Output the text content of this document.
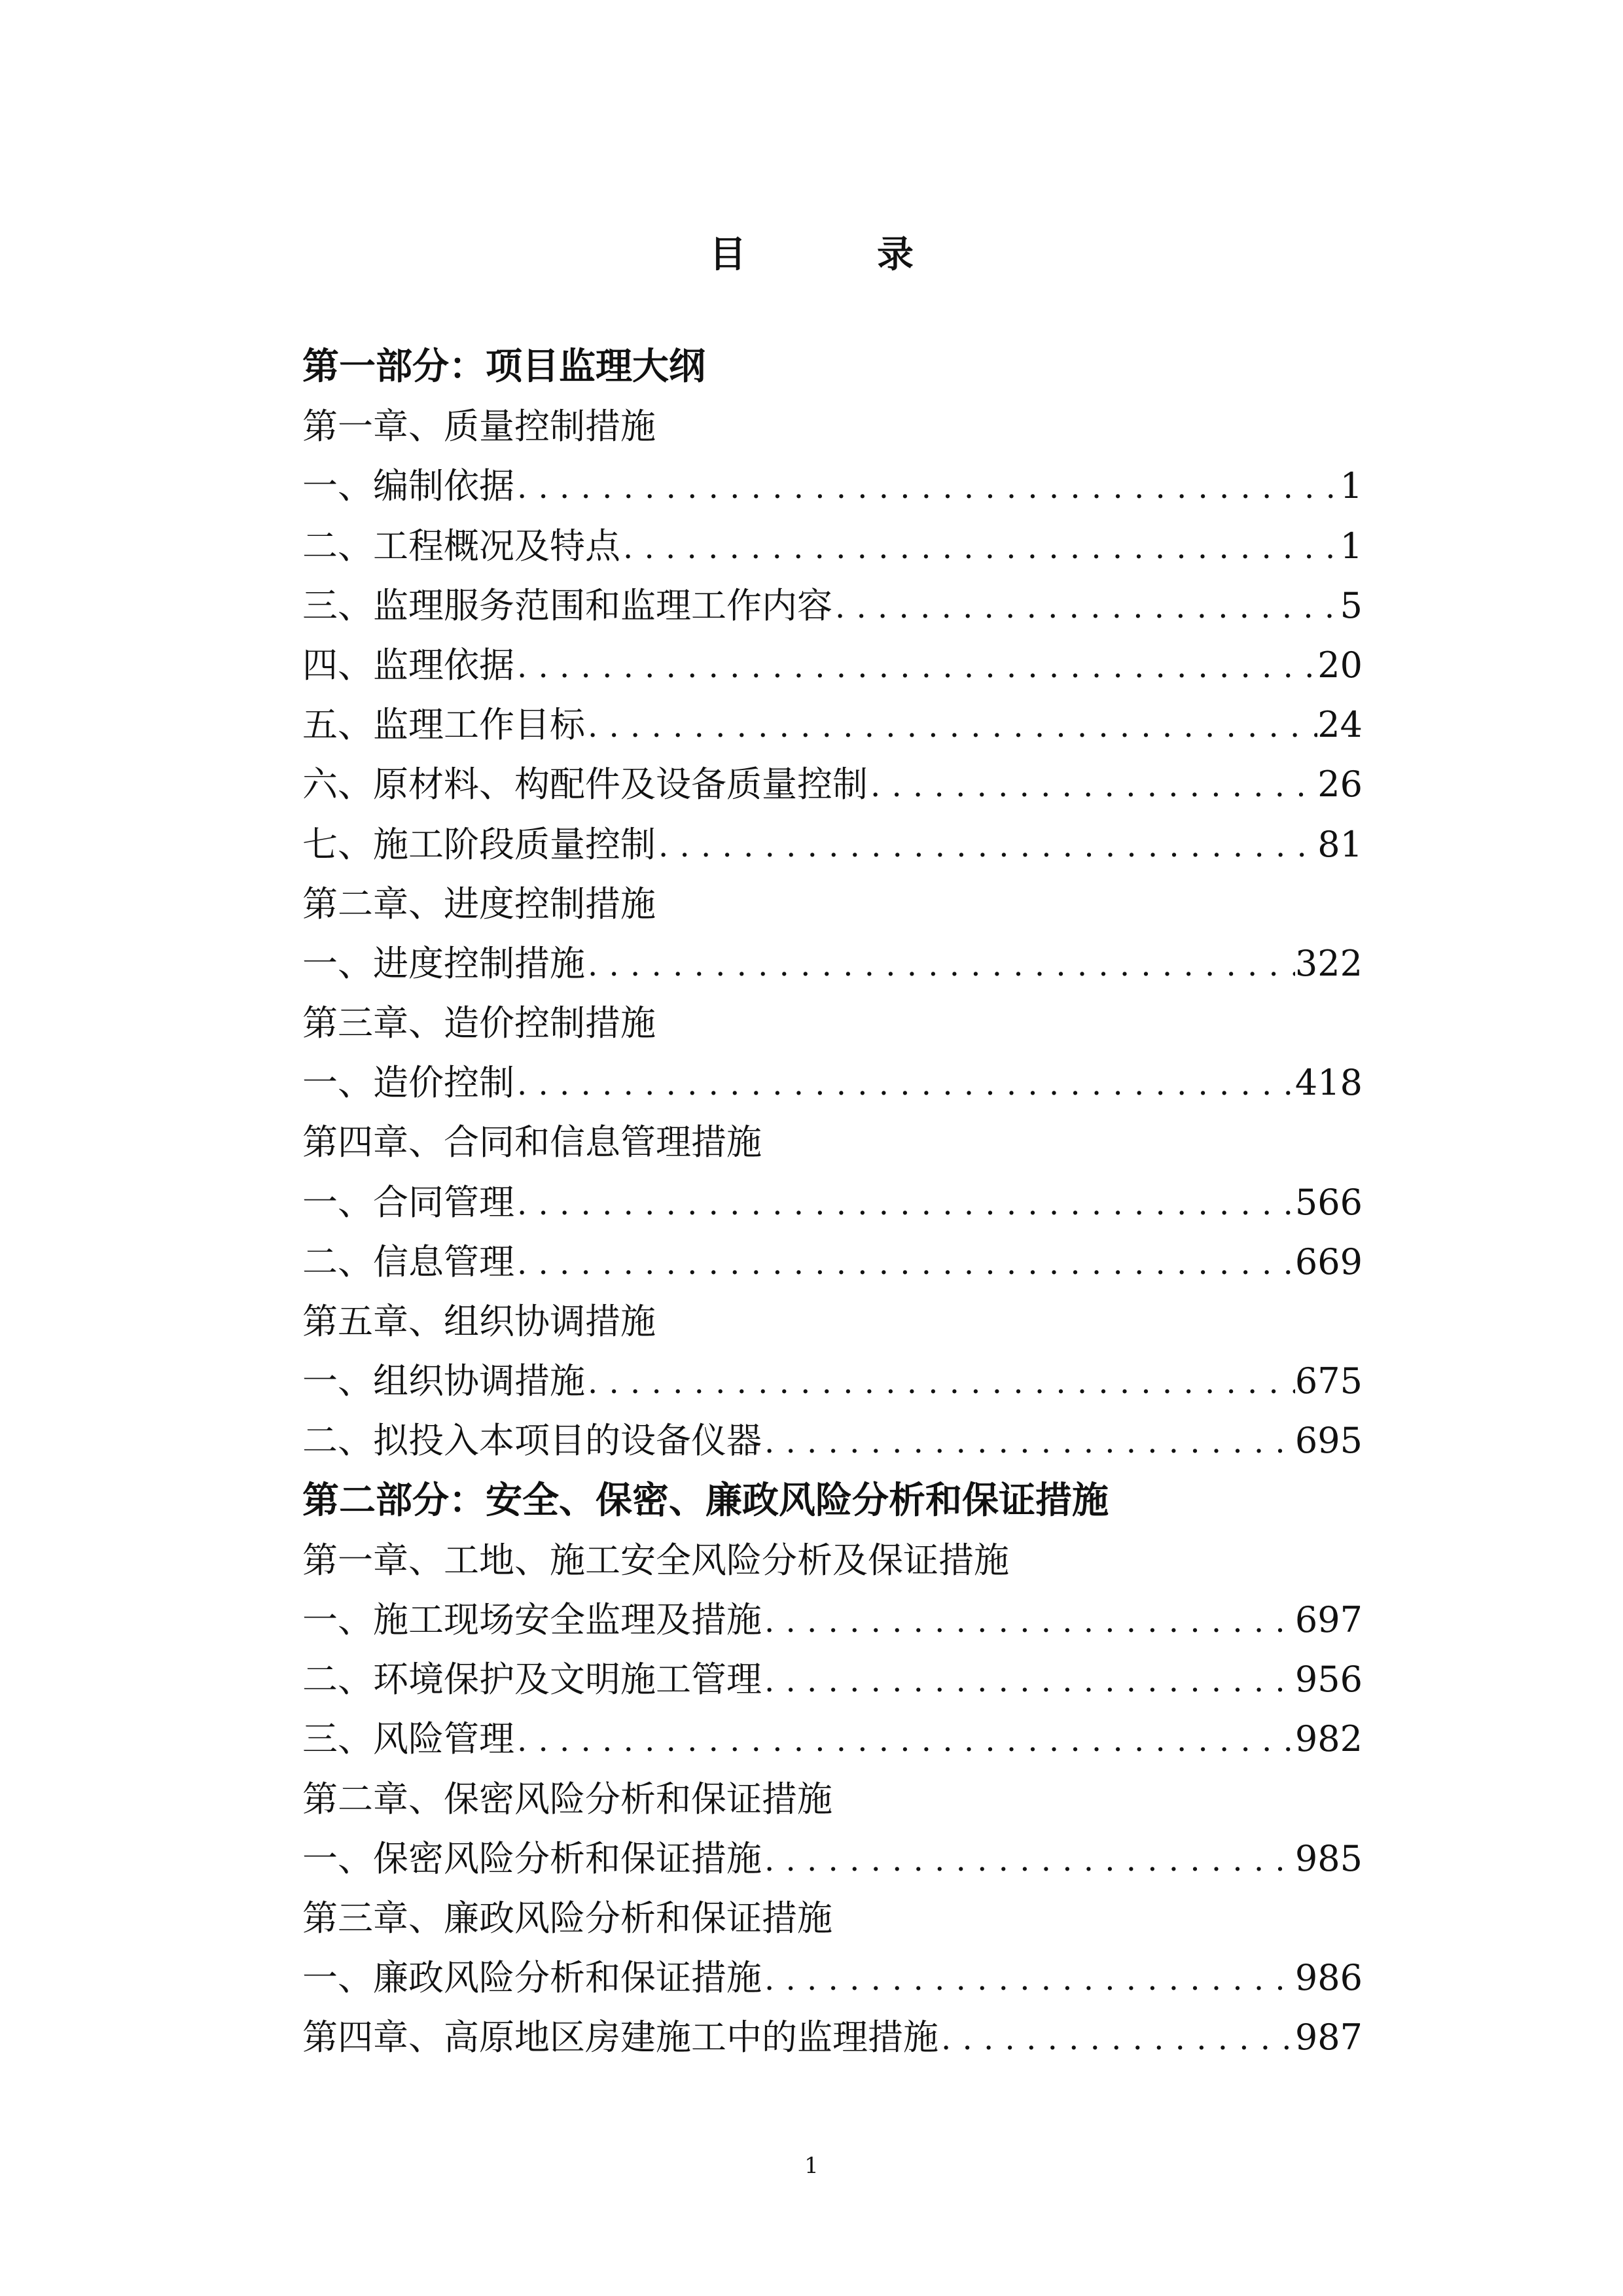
目	录
第一部分：项目监理大纲
第一章、质量控制措施
一、编制依据 . . .	1
二、工程概况及特点 . . .	1
三、监理服务范围和监理工作内容 . . .	5
四、监理依据 . . .	20
五、监理工作目标 . . .	24
六、原材料、构配件及设备质量控制 . . .	26
七、施工阶段质量控制 . . .	81
第二章、进度控制措施
一、进度控制措施 . . .	322
第三章、造价控制措施
一、造价控制 . . .	418
第四章、合同和信息管理措施
一、合同管理 . . .	566
二、信息管理 . . .	669
第五章、组织协调措施
一、组织协调措施 . . .	675
二、拟投入本项目的设备仪器 . . .	695
第二部分：安全、保密、廉政风险分析和保证措施
第一章、工地、施工安全风险分析及保证措施
一、施工现场安全监理及措施 . . .	697
二、环境保护及文明施工管理 . . .	956
三、风险管理 . . .	982
第二章、保密风险分析和保证措施
一、保密风险分析和保证措施 . . .	985
第三章、廉政风险分析和保证措施
一、廉政风险分析和保证措施 . . .	986
第四章、高原地区房建施工中的监理措施 . . .	987
1
